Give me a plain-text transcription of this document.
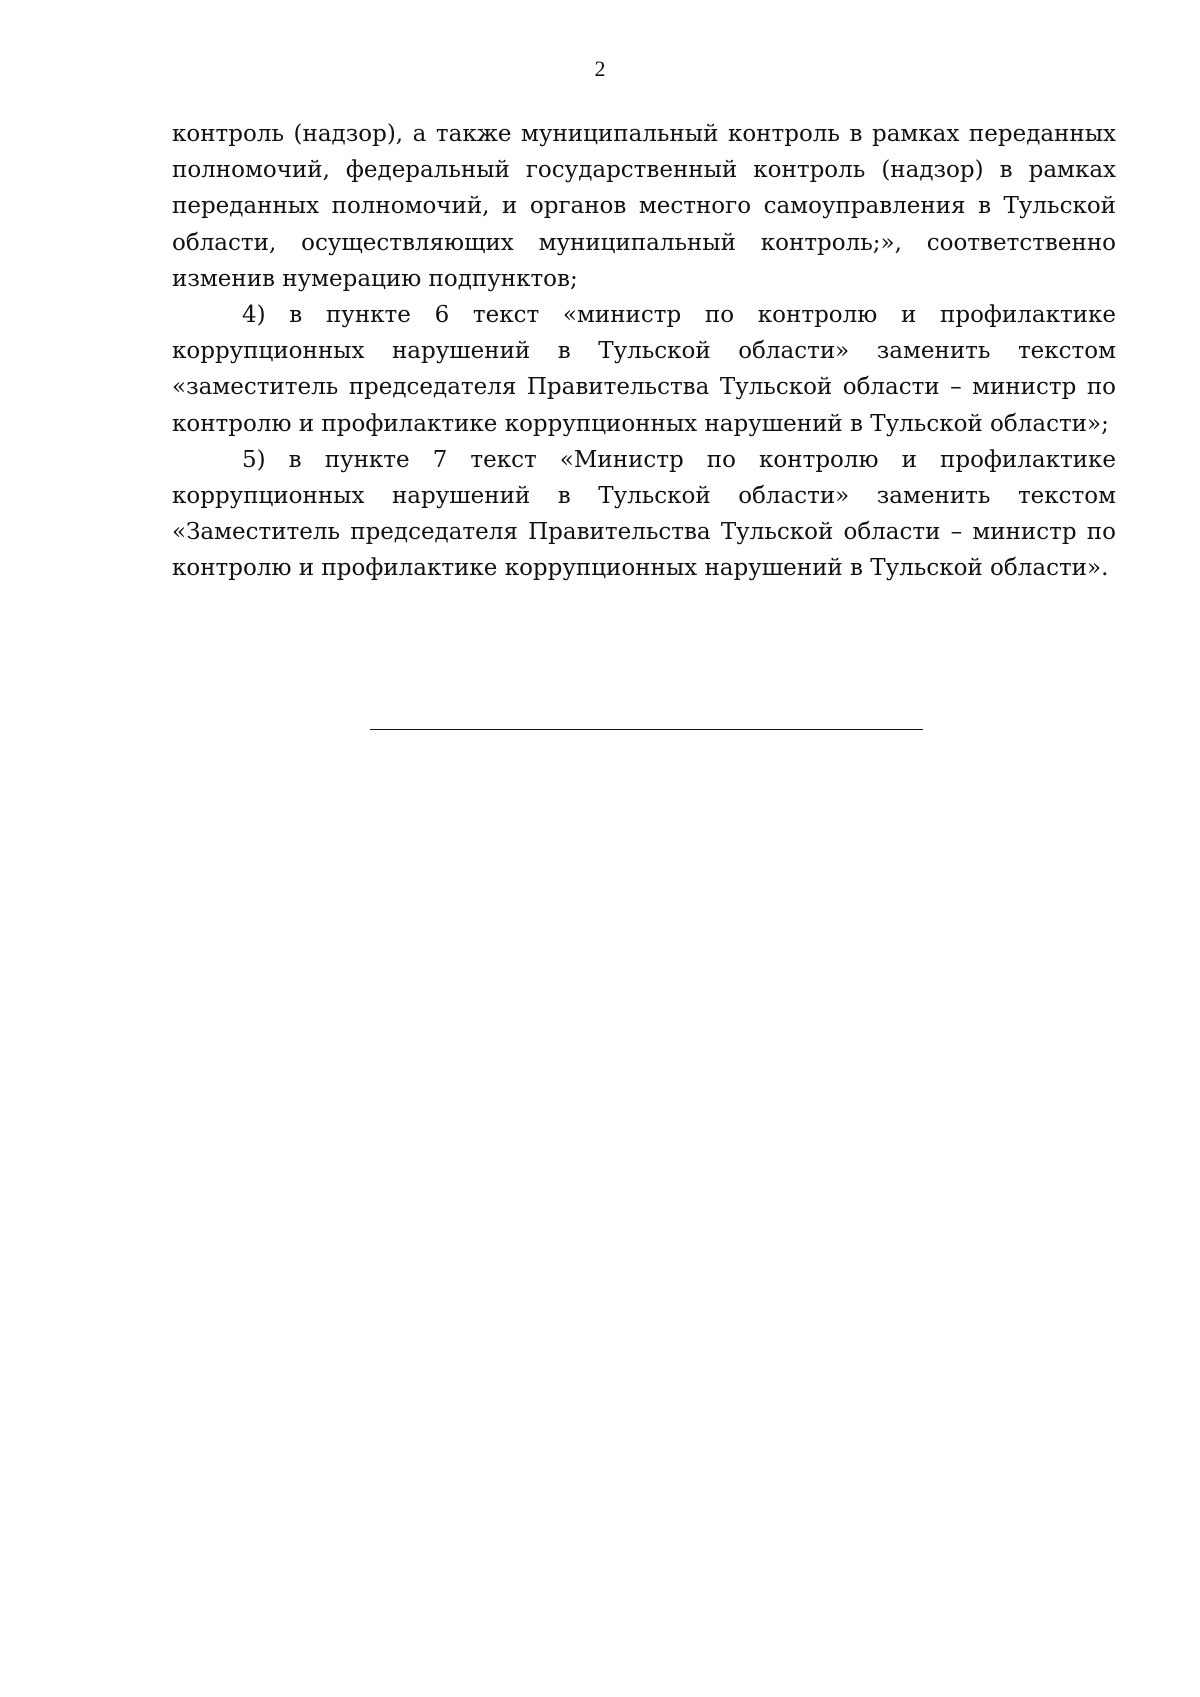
2

контроль (надзор), а также муниципальный контроль в рамках переданных полномочий, федеральный государственный контроль (надзор) в рамках переданных полномочий, и органов местного самоуправления в Тульской области, осуществляющих муниципальный контроль;», соответственно изменив нумерацию подпунктов;

4) в пункте 6 текст «министр по контролю и профилактике коррупционных нарушений в Тульской области» заменить текстом «заместитель председателя Правительства Тульской области – министр по контролю и профилактике коррупционных нарушений в Тульской области»;

5) в пункте 7 текст «Министр по контролю и профилактике коррупционных нарушений в Тульской области» заменить текстом «Заместитель председателя Правительства Тульской области – министр по контролю и профилактике коррупционных нарушений в Тульской области».
